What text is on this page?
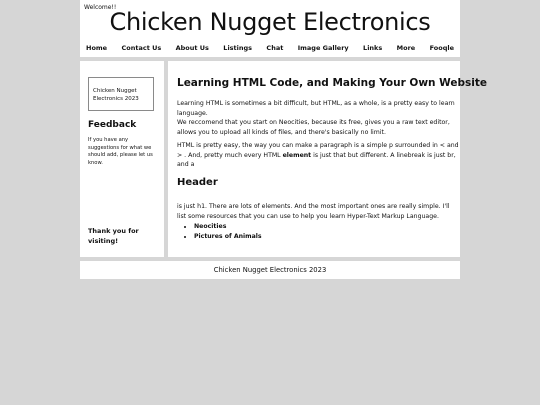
Welcome!!
Chicken Nugget Electronics
Home Contact Us About Us Listings Chat Image Gallery Links More Fooqle
Chicken Nugget Electronics 2023
Feedback
If you have any suggestions for what we should add, please let us know.
Thank you for visiting!
Learning HTML Code, and Making Your Own Website
Learning HTML is sometimes a bit difficult, but HTML, as a whole, is a pretty easy to learn
language.
We reccomend that you start on Neocities, because its free, gives you a raw text editor,
allows you to upload all kinds of files, and there's basically no limit.
HTML is pretty easy, the way you can make a paragraph is a simple p surrounded in < and
> . And, pretty much every HTML element is just that but different. A linebreak is just br,
and a
Header
is just h1. There are lots of elements. And the most important ones are really simple. I'll
list some resources that you can use to help you learn Hyper-Text Markup Language.
• Neocities
• Pictures of Animals
Chicken Nugget Electronics 2023
